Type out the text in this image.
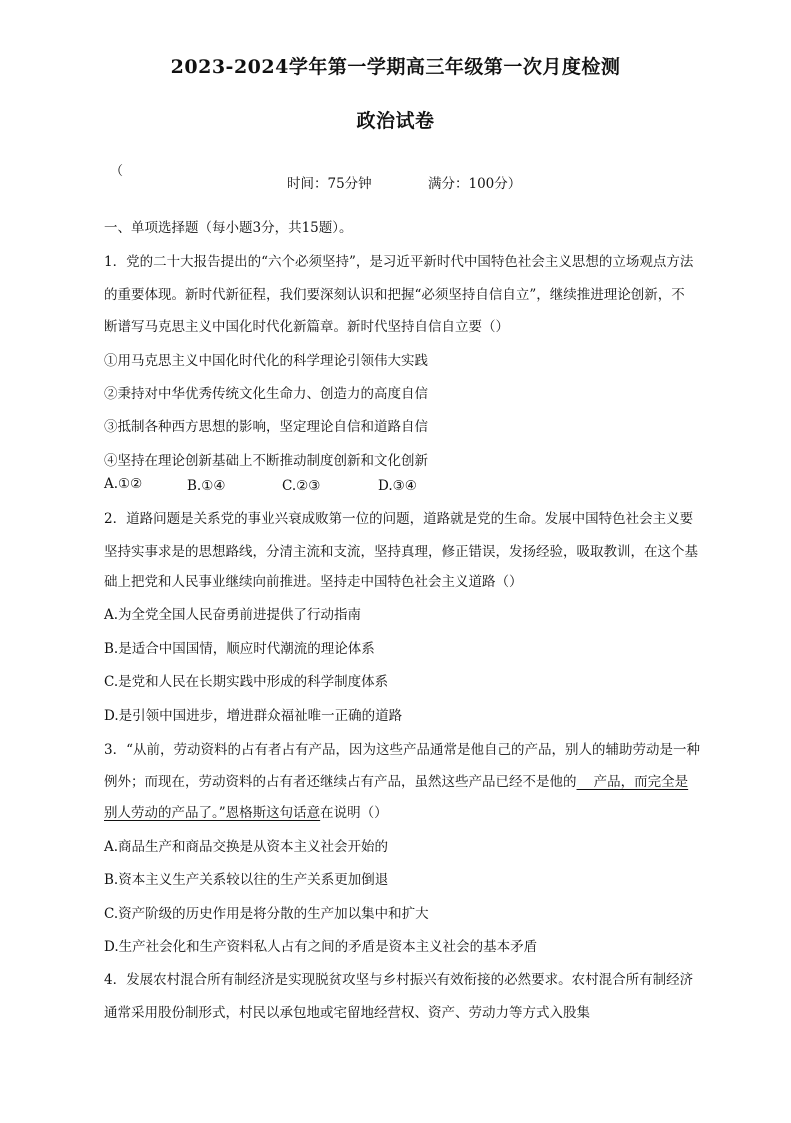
2023-2024学年第一学期高三年级第一次月度检测
政治试卷
（
时间：75分钟	满分：100分）
一、单项选择题（每小题3分，共15题）。
1．党的二十大报告提出的“六个必须坚持”，是习近平新时代中国特色社会主义思想的立场观点方法
的重要体现。新时代新征程，我们要深刻认识和把握“必须坚持自信自立”，继续推进理论创新，不
断谱写马克思主义中国化时代化新篇章。新时代坚持自信自立要（）
①用马克思主义中国化时代化的科学理论引领伟大实践
②秉持对中华优秀传统文化生命力、创造力的高度自信
③抵制各种西方思想的影响，坚定理论自信和道路自信
④坚持在理论创新基础上不断推动制度创新和文化创新
A.①②	B.①④	C.②③	D.③④
2．道路问题是关系党的事业兴衰成败第一位的问题，道路就是党的生命。发展中国特色社会主义要
坚持实事求是的思想路线，分清主流和支流，坚持真理，修正错误，发扬经验，吸取教训，在这个基
础上把党和人民事业继续向前推进。坚持走中国特色社会主义道路（）
A.为全党全国人民奋勇前进提供了行动指南
B.是适合中国国情，顺应时代潮流的理论体系
C.是党和人民在长期实践中形成的科学制度体系
D.是引领中国进步，增进群众福祉唯一正确的道路
3．“从前，劳动资料的占有者占有产品，因为这些产品通常是他自己的产品，别人的辅助劳动是一种
例外；而现在，劳动资料的占有者还继续占有产品，虽然这些产品已经不是他的    产品，而完全是
别人劳动的产品了。”恩格斯这句话意在说明（）
A.商品生产和商品交换是从资本主义社会开始的
B.资本主义生产关系较以往的生产关系更加倒退
C.资产阶级的历史作用是将分散的生产加以集中和扩大
D.生产社会化和生产资料私人占有之间的矛盾是资本主义社会的基本矛盾
4．发展农村混合所有制经济是实现脱贫攻坚与乡村振兴有效衔接的必然要求。农村混合所有制经济
通常采用股份制形式，村民以承包地或宅留地经营权、资产、劳动力等方式入股集
